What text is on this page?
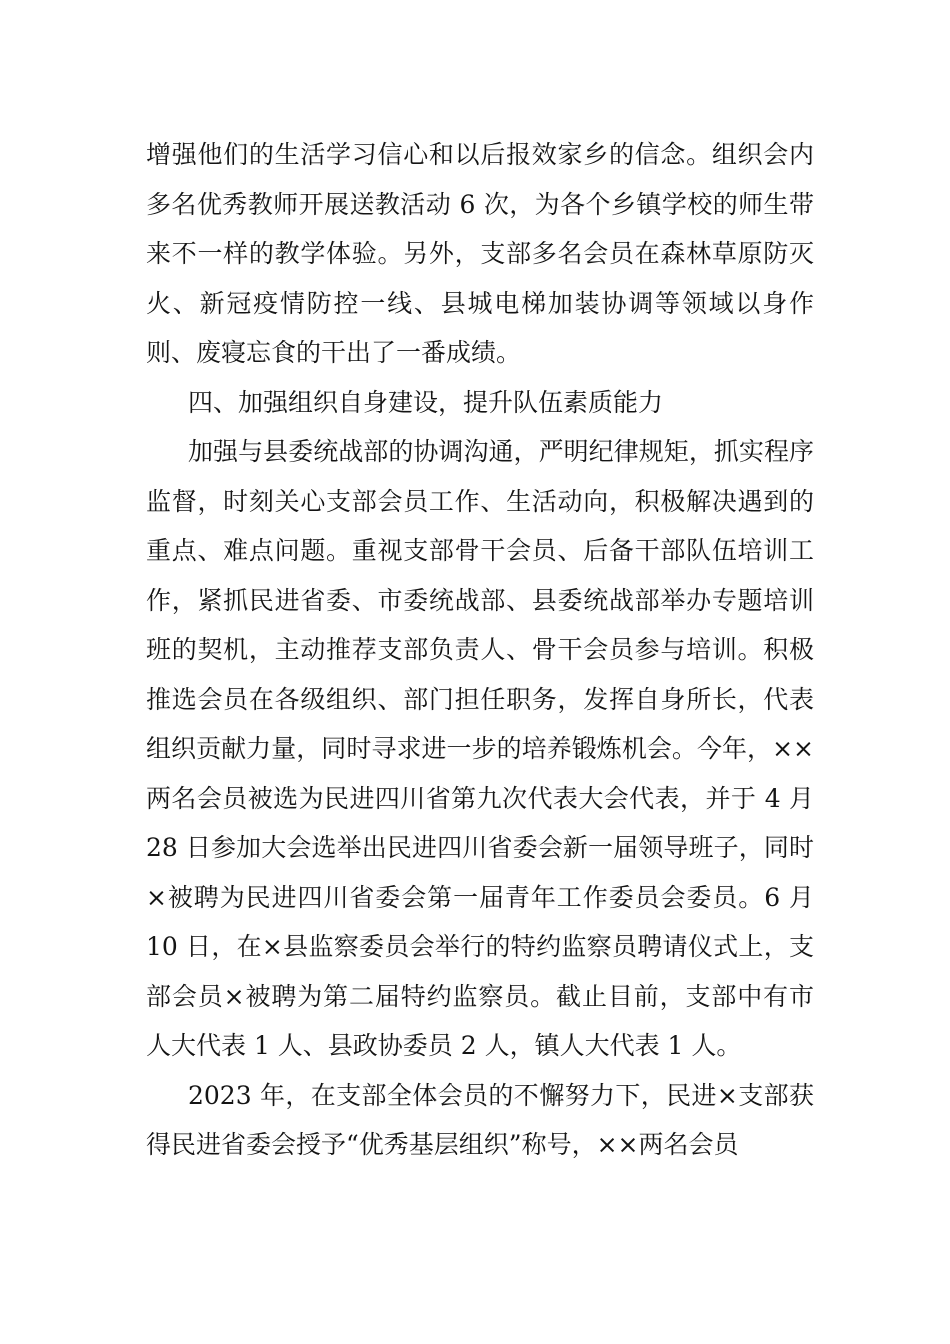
增强他们的生活学习信心和以后报效家乡的信念。组织会内多名优秀教师开展送教活动 6 次，为各个乡镇学校的师生带来不一样的教学体验。另外，支部多名会员在森林草原防灭火、新冠疫情防控一线、县城电梯加装协调等领域以身作则、废寝忘食的干出了一番成绩。

四、加强组织自身建设，提升队伍素质能力

加强与县委统战部的协调沟通，严明纪律规矩，抓实程序监督，时刻关心支部会员工作、生活动向，积极解决遇到的重点、难点问题。重视支部骨干会员、后备干部队伍培训工作，紧抓民进省委、市委统战部、县委统战部举办专题培训班的契机，主动推荐支部负责人、骨干会员参与培训。积极推选会员在各级组织、部门担任职务，发挥自身所长，代表组织贡献力量，同时寻求进一步的培养锻炼机会。今年，××两名会员被选为民进四川省第九次代表大会代表，并于 4 月 28 日参加大会选举出民进四川省委会新一届领导班子，同时×被聘为民进四川省委会第一届青年工作委员会委员。6 月 10 日，在×县监察委员会举行的特约监察员聘请仪式上，支部会员×被聘为第二届特约监察员。截止目前，支部中有市人大代表 1 人、县政协委员 2 人，镇人大代表 1 人。

2023 年，在支部全体会员的不懈努力下，民进×支部获得民进省委会授予“优秀基层组织”称号，××两名会员
